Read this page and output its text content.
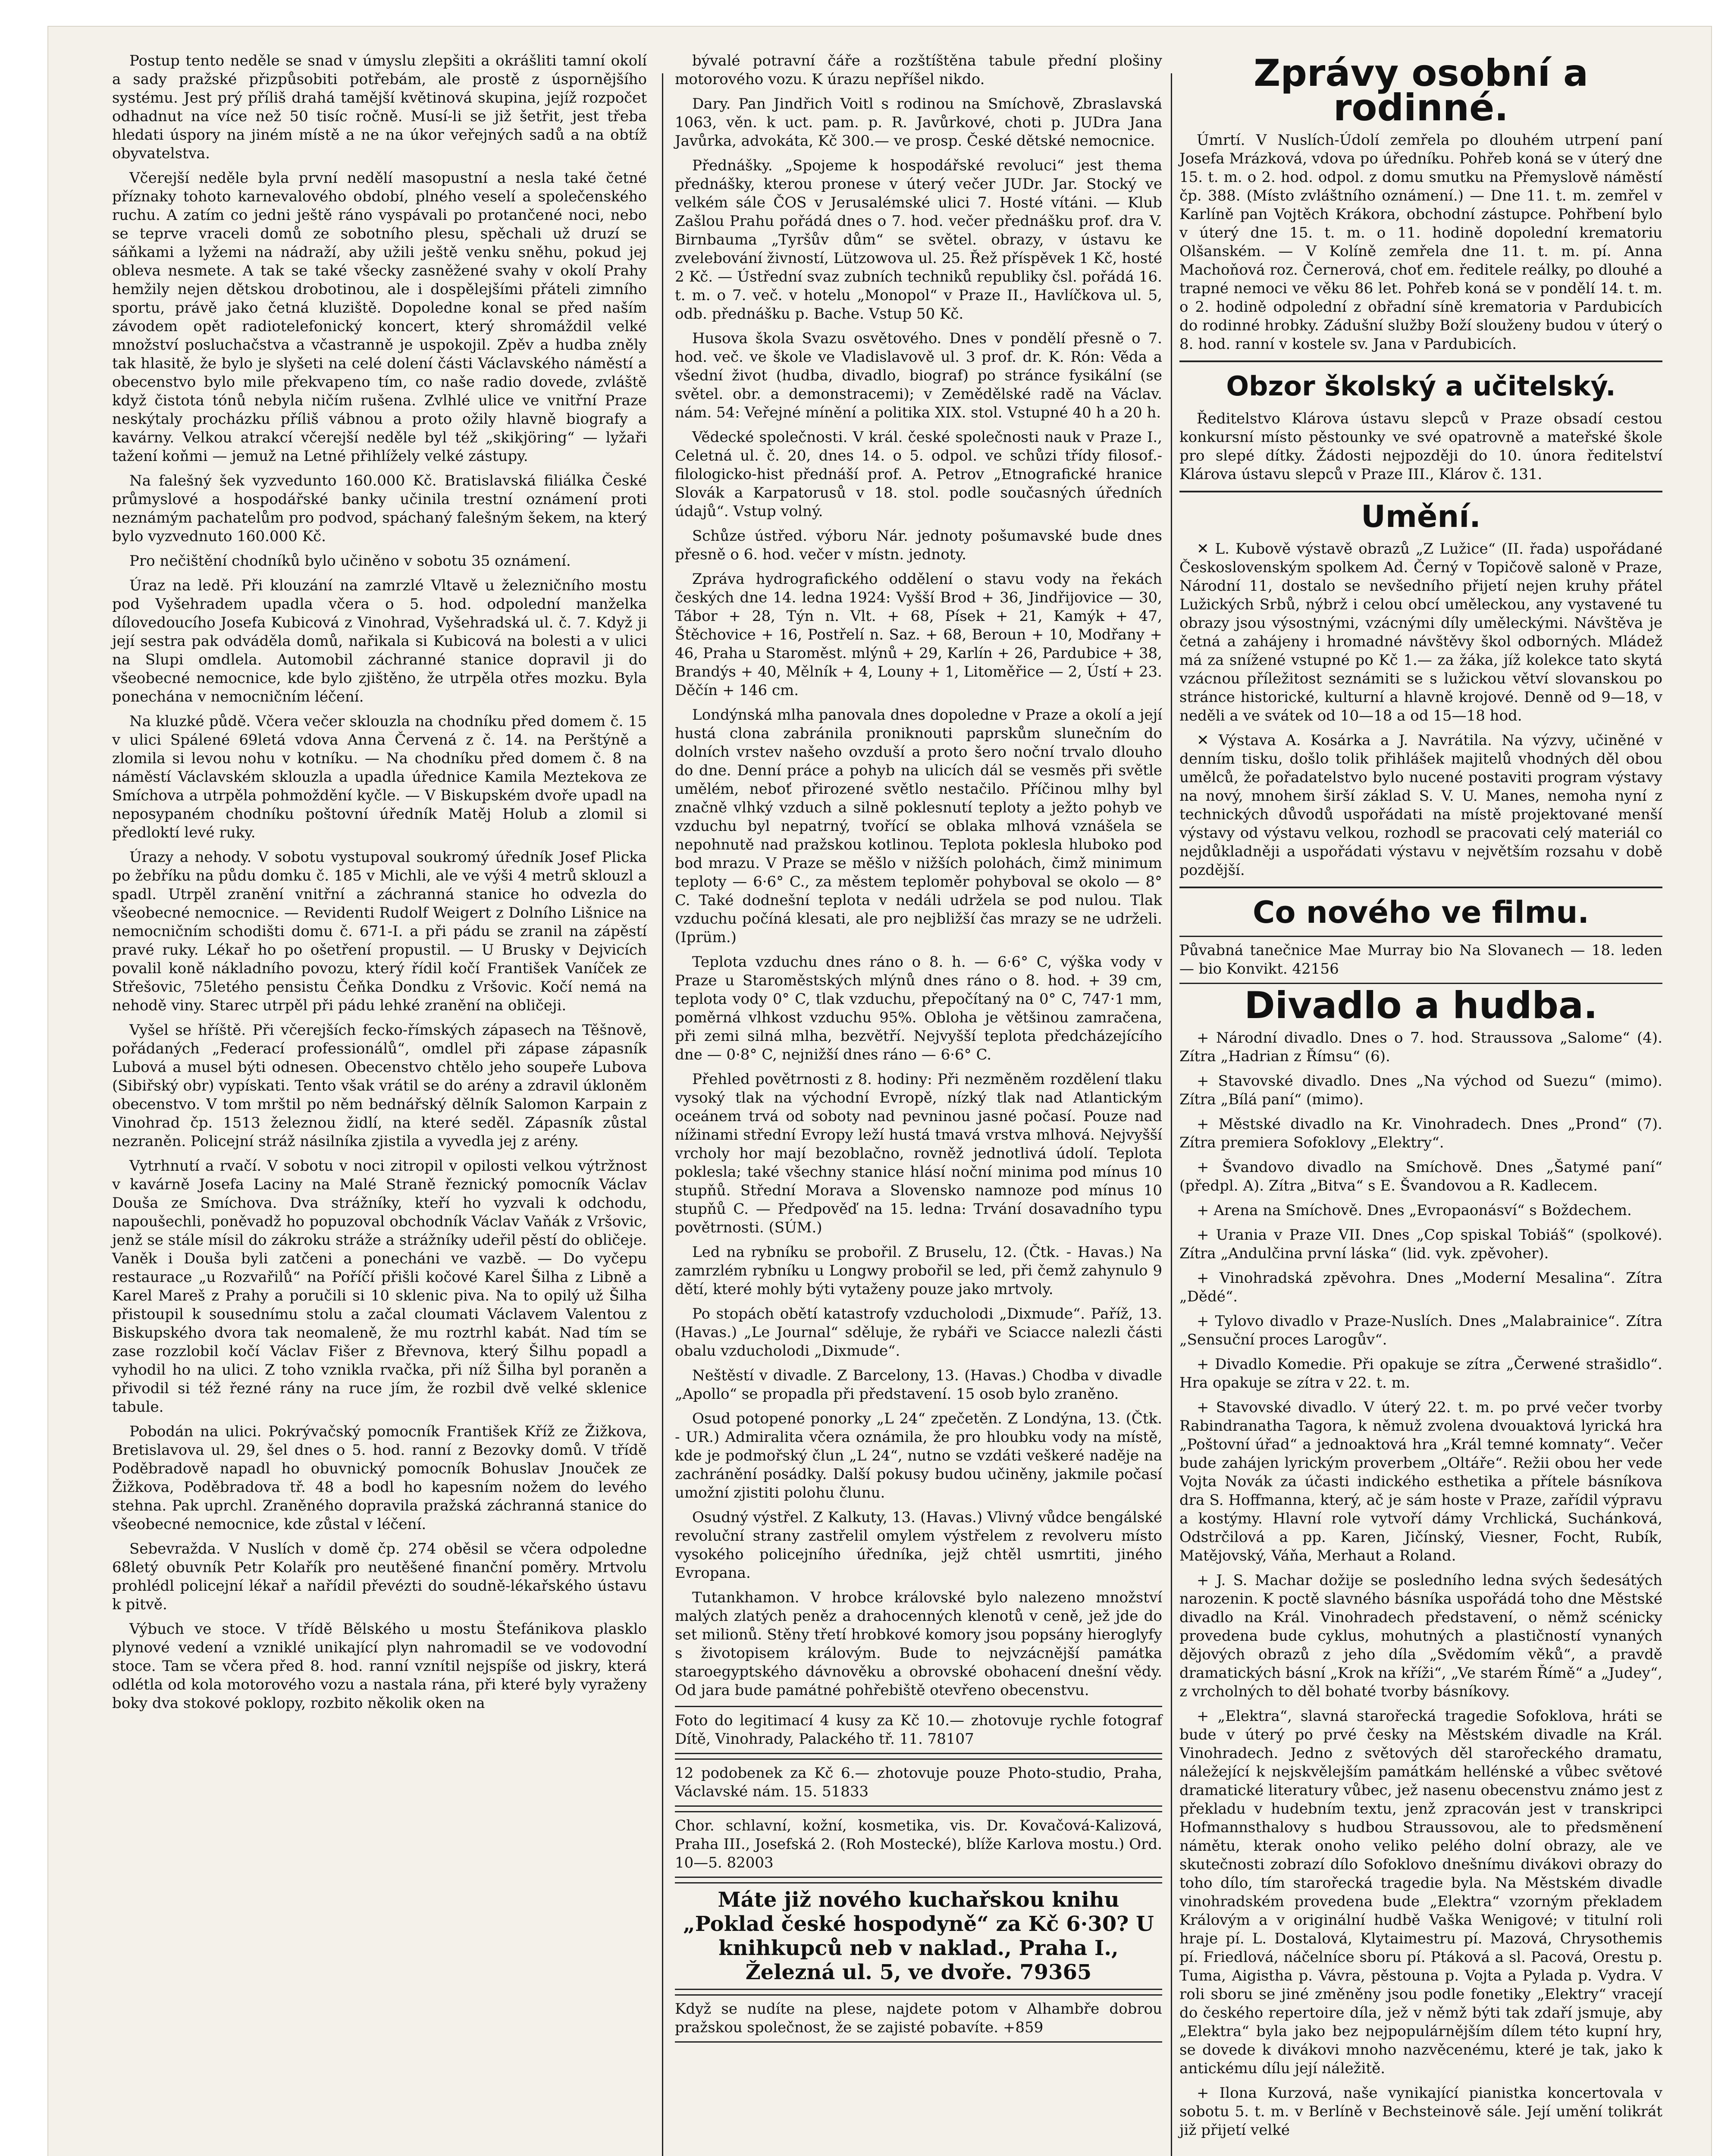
Postup tento neděle se snad v úmyslu zlepšiti a okrášliti tamní okolí a sady pražské přizpůsobiti potřebám, ale prostě z úspornějšího systému. Jest prý příliš drahá tamější květinová skupina, jejíž rozpočet odhadnut na více než 50 tisíc ročně. Musí-li se již šetřit, jest třeba hledati úspory na jiném místě a ne na úkor veřejných sadů a na obtíž obyvatelstva.

Včerejší neděle byla první nedělí masopustní a nesla také četné příznaky tohoto karnevalového období, plného veselí a společenského ruchu. A zatím co jedni ještě ráno vyspávali po protančené noci, nebo se teprve vraceli domů ze sobotního plesu, spěchali už druzí se sáňkami a lyžemi na nádraží, aby užili ještě venku sněhu, pokud jej obleva nesmete. A tak se také všecky zasněžené svahy v okolí Prahy hemžily nejen dětskou drobotinou, ale i dospělejšími přáteli zimního sportu, právě jako četná kluziště. Dopoledne konal se před naším závodem opět radiotelefonický koncert, který shromáždil velké množství posluchačstva a včastranně je uspokojil. Zpěv a hudba zněly tak hlasitě, že bylo je slyšeti na celé dolení části Václavského náměstí a obecenstvo bylo mile překvapeno tím, co naše radio dovede, zvláště když čistota tónů nebyla ničím rušena. Zvlhlé ulice ve vnitřní Praze neskýtaly procházku příliš vábnou a proto ožily hlavně biografy a kavárny. Velkou atrakcí včerejší neděle byl též „skikjöring“ — lyžaři tažení koňmi — jemuž na Letné přihlížely velké zástupy.

Na falešný šek vyzvedunto 160.000 Kč. Bratislavská filiálka České průmyslové a hospodářské banky učinila trestní oznámení proti neznámým pachatelům pro podvod, spáchaný falešným šekem, na který bylo vyzvednuto 160.000 Kč.

Pro nečištění chodníků bylo učiněno v sobotu 35 oznámení.

Úraz na ledě. Při klouzání na zamrzlé Vltavě u železničního mostu pod Vyšehradem upadla včera o 5. hod. odpolední manželka dílovedoucího Josefa Kubicová z Vinohrad, Vyšehradská ul. č. 7. Když ji její sestra pak odváděla domů, nařikala si Kubicová na bolesti a v ulici na Slupi omdlela. Automobil záchranné stanice dopravil ji do všeobecné nemocnice, kde bylo zjištěno, že utrpěla otřes mozku. Byla ponechána v nemocničním léčení.

Na kluzké půdě. Včera večer sklouzla na chodníku před domem č. 15 v ulici Spálené 69letá vdova Anna Červená z č. 14. na Perštýně a zlomila si levou nohu v kotníku. — Na chodníku před domem č. 8 na náměstí Václavském sklouzla a upadla úřednice Kamila Meztekova ze Smíchova a utrpěla pohmoždění kyčle. — V Biskupském dvoře upadl na neposypaném chodníku poštovní úředník Matěj Holub a zlomil si předloktí levé ruky.

Úrazy a nehody. V sobotu vystupoval soukromý úředník Josef Plicka po žebříku na půdu domku č. 185 v Michli, ale ve výši 4 metrů sklouzl a spadl. Utrpěl zranění vnitřní a záchranná stanice ho odvezla do všeobecné nemocnice. — Revidenti Rudolf Weigert z Dolního Lišnice na nemocničním schodišti domu č. 671-I. a při pádu se zranil na zápěstí pravé ruky. Lékař ho po ošetření propustil. — U Brusky v Dejvicích povalil koně nákladního povozu, který řídil kočí František Vaníček ze Střešovic, 75letého pensistu Čeňka Dondku z Vršovic. Kočí nemá na nehodě viny. Starec utrpěl při pádu lehké zranění na obličeji.

Vyšel se hříště. Při včerejších fecko-římských zápasech na Těšnově, pořádaných „Federací professionálů“, omdlel při zápase zápasník Lubová a musel býti odnesen. Obecenstvo chtělo jeho soupeře Lubova (Sibiřský obr) vypískati. Tento však vrátil se do arény a zdravil úkloněm obecenstvo. V tom mrštil po něm bednářský dělník Salomon Karpain z Vinohrad čp. 1513 železnou židlí, na které seděl. Zápasník zůstal nezraněn. Policejní stráž násilníka zjistila a vyvedla jej z arény.

Vytrhnutí a rvačí. V sobotu v noci zitropil v opilosti velkou výtržnost v kavárně Josefa Laciny na Malé Straně řeznický pomocník Václav Douša ze Smíchova. Dva strážníky, kteří ho vyzvali k odchodu, napoušechli, poněvadž ho popuzoval obchodník Václav Vaňák z Vršovic, jenž se stále mísil do zákroku stráže a strážníky udeřil pěstí do obličeje. Vaněk i Douša byli zatčeni a ponecháni ve vazbě. — Do vyčepu restaurace „u Rozvařilů“ na Poříčí přišli kočové Karel Šilha z Libně a Karel Mareš z Prahy a poručili si 10 sklenic piva. Na to opilý už Šilha přistoupil k sousednímu stolu a začal cloumati Václavem Valentou z Biskupského dvora tak neomaleně, že mu roztrhl kabát. Nad tím se zase rozzlobil kočí Václav Fišer z Břevnova, který Šilhu popadl a vyhodil ho na ulici. Z toho vznikla rvačka, při níž Šilha byl poraněn a přivodil si též řezné rány na ruce jím, že rozbil dvě velké sklenice tabule.

Pobodán na ulici. Pokrývačský pomocník František Kříž ze Žižkova, Bretislavova ul. 29, šel dnes o 5. hod. ranní z Bezovky domů. V třídě Poděbradově napadl ho obuvnický pomocník Bohuslav Jnouček ze Žižkova, Poděbradova tř. 48 a bodl ho kapesním nožem do levého stehna. Pak uprchl. Zraněného dopravila pražská záchranná stanice do všeobecné nemocnice, kde zůstal v léčení.

Sebevražda. V Nuslích v domě čp. 274 oběsil se včera odpoledne 68letý obuvník Petr Kolařík pro neutěšené finanční poměry. Mrtvolu prohlédl policejní lékař a nařídil převézti do soudně-lékařského ústavu k pitvě.

Výbuch ve stoce. V třídě Bělského u mostu Štefánikova plasklo plynové vedení a vzniklé unikající plyn nahromadil se ve vodovodní stoce. Tam se včera před 8. hod. ranní vznítil nejspíše od jiskry, která odlétla od kola motorového vozu a nastala rána, při které byly vyraženy boky dva stokové poklopy, rozbito několik oken na

bývalé potravní čáře a rozštíštěna tabule přední plošiny motorového vozu. K úrazu nepříšel nikdo.

Dary. Pan Jindřich Voitl s rodinou na Smíchově, Zbraslavská 1063, věn. k uct. pam. p. R. Javůrkové, choti p. JUDra Jana Javůrka, advokáta, Kč 300.— ve prosp. České dětské nemocnice.

Přednášky. „Spojeme k hospodářské revoluci“ jest thema přednášky, kterou pronese v úterý večer JUDr. Jar. Stocký ve velkém sále ČOS v Jerusalémské ulici 7. Hosté vítáni. — Klub Zašlou Prahu pořádá dnes o 7. hod. večer přednášku prof. dra V. Birnbauma „Tyršův dům“ se světel. obrazy, v ústavu ke zvelebování živností, Lützowova ul. 25. Řež příspěvek 1 Kč, hosté 2 Kč. — Ústřední svaz zubních techniků republiky čsl. pořádá 16. t. m. o 7. več. v hotelu „Monopol“ v Praze II., Havlíčkova ul. 5, odb. přednášku p. Bache. Vstup 50 Kč.

Husova škola Svazu osvětového. Dnes v pondělí přesně o 7. hod. več. ve škole ve Vladislavově ul. 3 prof. dr. K. Rón: Věda a všední život (hudba, divadlo, biograf) po stránce fysikální (se světel. obr. a demonstracemi); v Zemědělské radě na Václav. nám. 54: Veřejné mínění a politika XIX. stol. Vstupné 40 h a 20 h.

Vědecké společnosti. V král. české společnosti nauk v Praze I., Celetná ul. č. 20, dnes 14. o 5. odpol. ve schůzi třídy filosof.-filologicko-hist přednáší prof. A. Petrov „Etnografické hranice Slovák a Karpatorusů v 18. stol. podle současných úředních údajů“. Vstup volný.

Schůze ústřed. výboru Nár. jednoty pošumavské bude dnes přesně o 6. hod. večer v místn. jednoty.

Zpráva hydrografického oddělení o stavu vody na řekách českých dne 14. ledna 1924: Vyšší Brod + 36, Jindřijovice — 30, Tábor + 28, Týn n. Vlt. + 68, Písek + 21, Kamýk + 47, Štěchovice + 16, Postřelí n. Saz. + 68, Beroun + 10, Modřany + 46, Praha u Staroměst. mlýnů + 29, Karlín + 26, Pardubice + 38, Brandýs + 40, Mělník + 4, Louny + 1, Litoměřice — 2, Ústí + 23. Děčín + 146 cm.

Londýnská mlha panovala dnes dopoledne v Praze a okolí a její hustá clona zabránila proniknouti paprskům slunečním do dolních vrstev našeho ovzduší a proto šero noční trvalo dlouho do dne. Denní práce a pohyb na ulicích dál se vesměs při světle umělém, neboť přirozené světlo nestačilo. Příčinou mlhy byl značně vlhký vzduch a silně poklesnutí teploty a ježto pohyb ve vzduchu byl nepatrný, tvořící se oblaka mlhová vznášela se nepohnutě nad pražskou kotlinou. Teplota poklesla hluboko pod bod mrazu. V Praze se měšlo v nižších polohách, čimž minimum teploty — 6·6° C., za městem teploměr pohyboval se okolo — 8° C. Také dodnešní teplota v nedáli udržela se pod nulou. Tlak vzduchu počíná klesati, ale pro nejbližší čas mrazy se ne udrželi. (Iprüm.)

Teplota vzduchu dnes ráno o 8. h. — 6·6° C, výška vody v Praze u Staroměstských mlýnů dnes ráno o 8. hod. + 39 cm, teplota vody 0° C, tlak vzduchu, přepočítaný na 0° C, 747·1 mm, poměrná vlhkost vzduchu 95%. Obloha je většinou zamračena, při zemi silná mlha, bezvětří. Nejvyšší teplota předcházejícího dne — 0·8° C, nejnižší dnes ráno — 6·6° C.

Přehled povětrnosti z 8. hodiny: Při nezměněm rozdělení tlaku vysoký tlak na východní Evropě, nízký tlak nad Atlantickým oceánem trvá od soboty nad pevninou jasné počasí. Pouze nad nížinami střední Evropy leží hustá tmavá vrstva mlhová. Nejvyšší vrcholy hor mají bezoblačno, rovněž jednotlivá údolí. Teplota poklesla; také všechny stanice hlásí noční minima pod mínus 10 stupňů. Střední Morava a Slovensko namnoze pod mínus 10 stupňů C. — Předpověď na 15. ledna: Trvání dosavadního typu povětrnosti. (SÚM.)

Led na rybníku se probořil. Z Bruselu, 12. (Čtk. - Havas.) Na zamrzlém rybníku u Longwy probořil se led, při čemž zahynulo 9 dětí, které mohly býti vytaženy pouze jako mrtvoly.

Po stopách obětí katastrofy vzducholodi „Dixmude“. Paříž, 13. (Havas.) „Le Journal“ sděluje, že rybáři ve Sciacce nalezli části obalu vzducholodi „Dixmude“.

Neštěstí v divadle. Z Barcelony, 13. (Havas.) Chodba v divadle „Apollo“ se propadla při představení. 15 osob bylo zraněno.

Osud potopené ponorky „L 24“ zpečetěn. Z Londýna, 13. (Čtk. - UR.) Admiralita včera oznámila, že pro hloubku vody na místě, kde je podmořský člun „L 24“, nutno se vzdáti veškeré naděje na zachránění posádky. Další pokusy budou učiněny, jakmile počasí umožní zjistiti polohu člunu.

Osudný výstřel. Z Kalkuty, 13. (Havas.) Vlivný vůdce bengálské revoluční strany zastřelil omylem výstřelem z revolveru místo vysokého policejního úředníka, jejž chtěl usmrtiti, jiného Evropana.

Tutankhamon. V hrobce královské bylo nalezeno množství malých zlatých peněz a drahocenných klenotů v ceně, jež jde do set milionů. Stěny třetí hrobkové komory jsou popsány hieroglyfy s životopisem královým. Bude to nejvzácnější památka staroegyptského dávnověku a obrovské obohacení dnešní vědy. Od jara bude památné pohřebiště otevřeno obecenstvu.

Foto do legitimací 4 kusy za Kč 10.— zhotovuje rychle fotograf Dítě, Vinohrady, Palackého tř. 11. 78107

12 podobenek za Kč 6.— zhotovuje pouze Photo-studio, Praha, Václavské nám. 15. 51833

Chor. schlavní, kožní, kosmetika, vis. Dr. Kovačová-Kalizová, Praha III., Josefská 2. (Roh Mostecké), blíže Karlova mostu.) Ord. 10—5. 82003

Máte již nového kuchařskou knihu „Poklad české hospodyně“ za Kč 6·30? U knihkupců neb v naklad., Praha I., Železná ul. 5, ve dvoře. 79365

Když se nudíte na plese, najdete potom v Alhambře dobrou pražskou společnost, že se zajisté pobavíte. +859

Zprávy osobní a rodinné.

Úmrtí. V Nuslích-Údolí zemřela po dlouhém utrpení paní Josefa Mrázková, vdova po úředníku. Pohřeb koná se v úterý dne 15. t. m. o 2. hod. odpol. z domu smutku na Přemyslově náměstí čp. 388. (Místo zvláštního oznámení.) — Dne 11. t. m. zemřel v Karlíně pan Vojtěch Krákora, obchodní zástupce. Pohřbení bylo v úterý dne 15. t. m. o 11. hodině dopolední krematoriu Olšanském. — V Kolíně zemřela dne 11. t. m. pí. Anna Machoňová roz. Černerová, choť em. ředitele reálky, po dlouhé a trapné nemoci ve věku 86 let. Pohřeb koná se v pondělí 14. t. m. o 2. hodině odpolední z obřadní síně krematoria v Pardubicích do rodinné hrobky. Zádušní služby Boží slouženy budou v úterý o 8. hod. ranní v kostele sv. Jana v Pardubicích.

Obzor školský a učitelský.

Ředitelstvo Klárova ústavu slepců v Praze obsadí cestou konkursní místo pěstounky ve své opatrovně a mateřské škole pro slepé dítky. Žádosti nejpozději do 10. února ředitelství Klárova ústavu slepců v Praze III., Klárov č. 131.

Umění.

✕ L. Kubově výstavě obrazů „Z Lužice“ (II. řada) uspořádané Československým spolkem Ad. Černý v Topičově saloně v Praze, Národní 11, dostalo se nevšedního přijetí nejen kruhy přátel Lužických Srbů, nýbrž i celou obcí uměleckou, any vystavené tu obrazy jsou výsostnými, vzácnými díly uměleckými. Návštěva je četná a zahájeny i hromadné návštěvy škol odborných. Mládež má za snížené vstupné po Kč 1.— za žáka, jíž kolekce tato skytá vzácnou příležitost seznámiti se s lužickou větví slovanskou po stránce historické, kulturní a hlavně krojové. Denně od 9—18, v neděli a ve svátek od 10—18 a od 15—18 hod.

✕ Výstava A. Kosárka a J. Navrátila. Na výzvy, učiněné v denním tisku, došlo tolik přihlášek majitelů vhodných děl obou umělců, že pořadatelstvo bylo nucené postaviti program výstavy na nový, mnohem širší základ S. V. U. Manes, nemoha nyní z technických důvodů uspořádati na místě projektované menší výstavy od výstavu velkou, rozhodl se pracovati celý materiál co nejdůkladněji a uspořádati výstavu v největším rozsahu v době pozdější.

Co nového ve filmu.

Půvabná tanečnice Mae Murray bio Na Slovanech — 18. leden — bio Konvikt. 42156

Divadlo a hudba.

+ Národní divadlo. Dnes o 7. hod. Straussova „Salome“ (4). Zítra „Hadrian z Římsu“ (6).

+ Stavovské divadlo. Dnes „Na východ od Suezu“ (mimo). Zítra „Bílá paní“ (mimo).

+ Městské divadlo na Kr. Vinohradech. Dnes „Prond“ (7). Zítra premiera Sofoklovy „Elektry“.

+ Švandovo divadlo na Smíchově. Dnes „Šatymé paní“ (předpl. A). Zítra „Bitva“ s E. Švandovou a R. Kadlecem.

+ Arena na Smíchově. Dnes „Evropaonásví“ s Boždechem.

+ Urania v Praze VII. Dnes „Cop spiskal Tobiáš“ (spolkové). Zítra „Andulčina první láska“ (lid. vyk. zpěvoher).

+ Vinohradská zpěvohra. Dnes „Moderní Mesalina“. Zítra „Dědé“.

+ Tylovo divadlo v Praze-Nuslích. Dnes „Malabrainice“. Zítra „Sensuční proces Larogův“.

+ Divadlo Komedie. Při opakuje se zítra „Čerwené strašidlo“. Hra opakuje se zítra v 22. t. m.

+ Stavovské divadlo. V úterý 22. t. m. po prvé večer tvorby Rabindranatha Tagora, k němuž zvolena dvouaktová lyrická hra „Poštovní úřad“ a jednoaktová hra „Král temné komnaty“. Večer bude zahájen lyrickým proverbem „Oltáře“. Režii obou her vede Vojta Novák za účasti indického esthetika a přítele básníkova dra S. Hoffmanna, který, ač je sám hoste v Praze, zařídil výpravu a kostýmy. Hlavní role vytvoří dámy Vrchlická, Suchánková, Odstrčilová a pp. Karen, Jičínský, Viesner, Focht, Rubík, Matějovský, Váňa, Merhaut a Roland.

+ J. S. Machar dožije se posledního ledna svých šedesátých narozenin. K poctě slavného básníka uspořádá toho dne Městské divadlo na Král. Vinohradech představení, o němž scénicky provedena bude cyklus, mohutných a plastičností vynaných dějových obrazů z jeho díla „Svědomím věků“, a pravdě dramatických básní „Krok na kříži“, „Ve starém Římě“ a „Judey“, z vrcholných to děl bohaté tvorby básníkovy.

+ „Elektra“, slavná starořecká tragedie Sofoklova, hráti se bude v úterý po prvé česky na Městském divadle na Král. Vinohradech. Jedno z světových děl starořeckého dramatu, náležející k nejskvělejším památkám hellénské a vůbec světové dramatické literatury vůbec, jež nasenu obecenstvu známo jest z překladu v hudebním textu, jenž zpracován jest v transkripci Hofmannsthalovy s hudbou Straussovou, ale to předsměnení námětu, kterak onoho veliko pelého dolní obrazy, ale ve skutečnosti zobrazí dílo Sofoklovo dnešnímu divákovi obrazy do toho dílo, tím starořecká tragedie byla. Na Městském divadle vinohradském provedena bude „Elektra“ vzorným překladem Královým a v originální hudbě Vaška Wenigové; v titulní roli hraje pí. L. Dostalová, Klytaimestru pí. Mazová, Chrysothemis pí. Friedlová, náčelníce sboru pí. Ptáková a sl. Pacová, Orestu p. Tuma, Aigistha p. Vávra, pěstouna p. Vojta a Pylada p. Vydra. V roli sboru se jiné změněny jsou podle fonetiky „Elektry“ vracejí do českého repertoire díla, jež v němž býti tak zdaří jsmuje, aby „Elektra“ byla jako bez nejpopulárnějším dílem této kupní hry, se dovede k divákovi mnoho nazvěcenému, které je tak, jako k antickému dílu její náležitě.

+ Ilona Kurzová, naše vynikající pianistka koncertovala v sobotu 5. t. m. v Berlíně v Bechsteinově sále. Její umění tolikrát již přijetí velké
